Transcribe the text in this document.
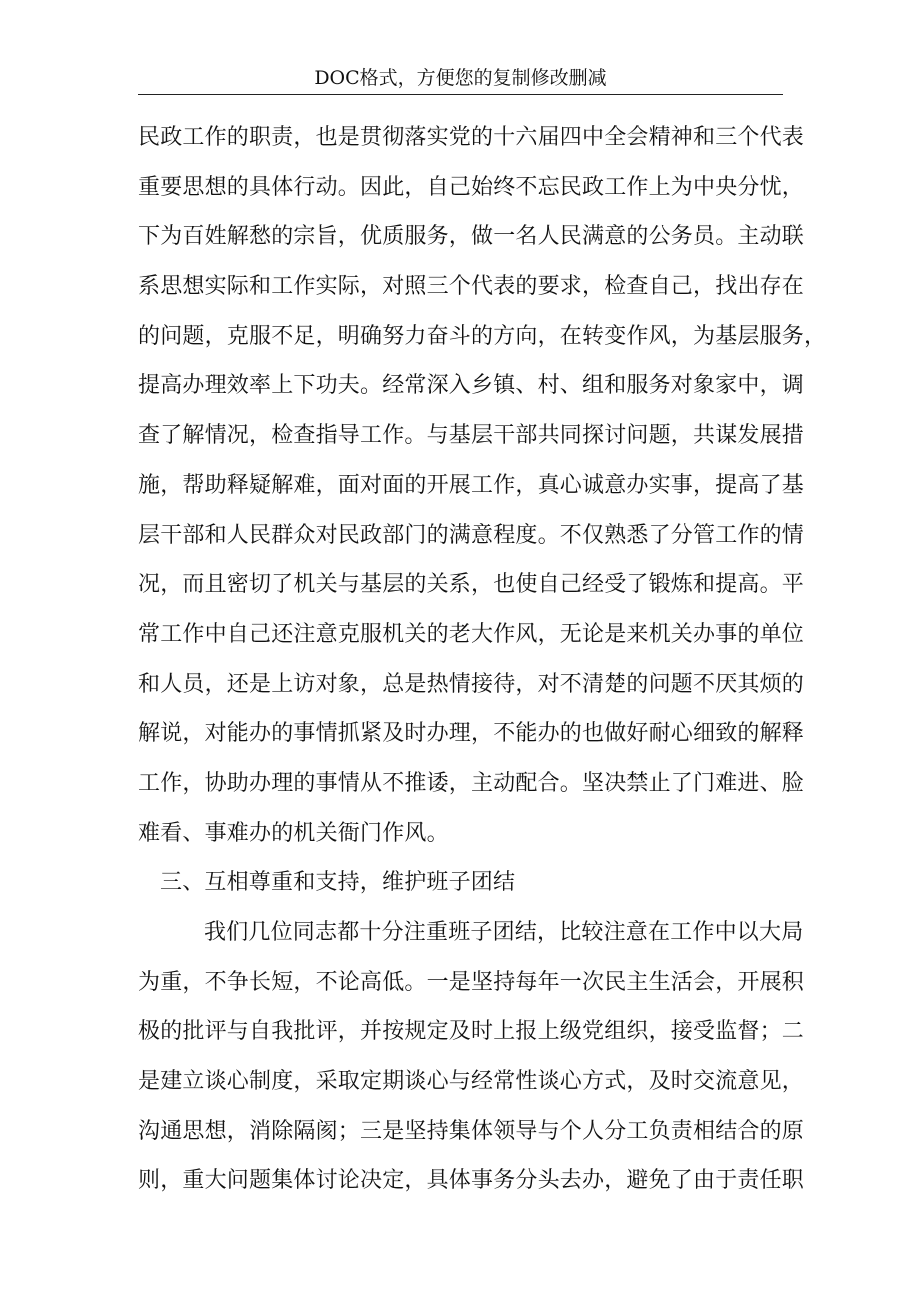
DOC格式，方便您的复制修改删减
民政工作的职责，也是贯彻落实党的十六届四中全会精神和三个代表
重要思想的具体行动。因此，自己始终不忘民政工作上为中央分忧，
下为百姓解愁的宗旨，优质服务，做一名人民满意的公务员。主动联
系思想实际和工作实际，对照三个代表的要求，检查自己，找出存在
的问题，克服不足，明确努力奋斗的方向，在转变作风，为基层服务，
提高办理效率上下功夫。经常深入乡镇、村、组和服务对象家中，调
查了解情况，检查指导工作。与基层干部共同探讨问题，共谋发展措
施，帮助释疑解难，面对面的开展工作，真心诚意办实事，提高了基
层干部和人民群众对民政部门的满意程度。不仅熟悉了分管工作的情
况，而且密切了机关与基层的关系，也使自己经受了锻炼和提高。平
常工作中自己还注意克服机关的老大作风，无论是来机关办事的单位
和人员，还是上访对象，总是热情接待，对不清楚的问题不厌其烦的
解说，对能办的事情抓紧及时办理，不能办的也做好耐心细致的解释
工作，协助办理的事情从不推诿，主动配合。坚决禁止了门难进、脸
难看、事难办的机关衙门作风。
三、互相尊重和支持，维护班子团结
我们几位同志都十分注重班子团结，比较注意在工作中以大局
为重，不争长短，不论高低。一是坚持每年一次民主生活会，开展积
极的批评与自我批评，并按规定及时上报上级党组织，接受监督；二
是建立谈心制度，采取定期谈心与经常性谈心方式，及时交流意见，
沟通思想，消除隔阂；三是坚持集体领导与个人分工负责相结合的原
则，重大问题集体讨论决定，具体事务分头去办，避免了由于责任职
